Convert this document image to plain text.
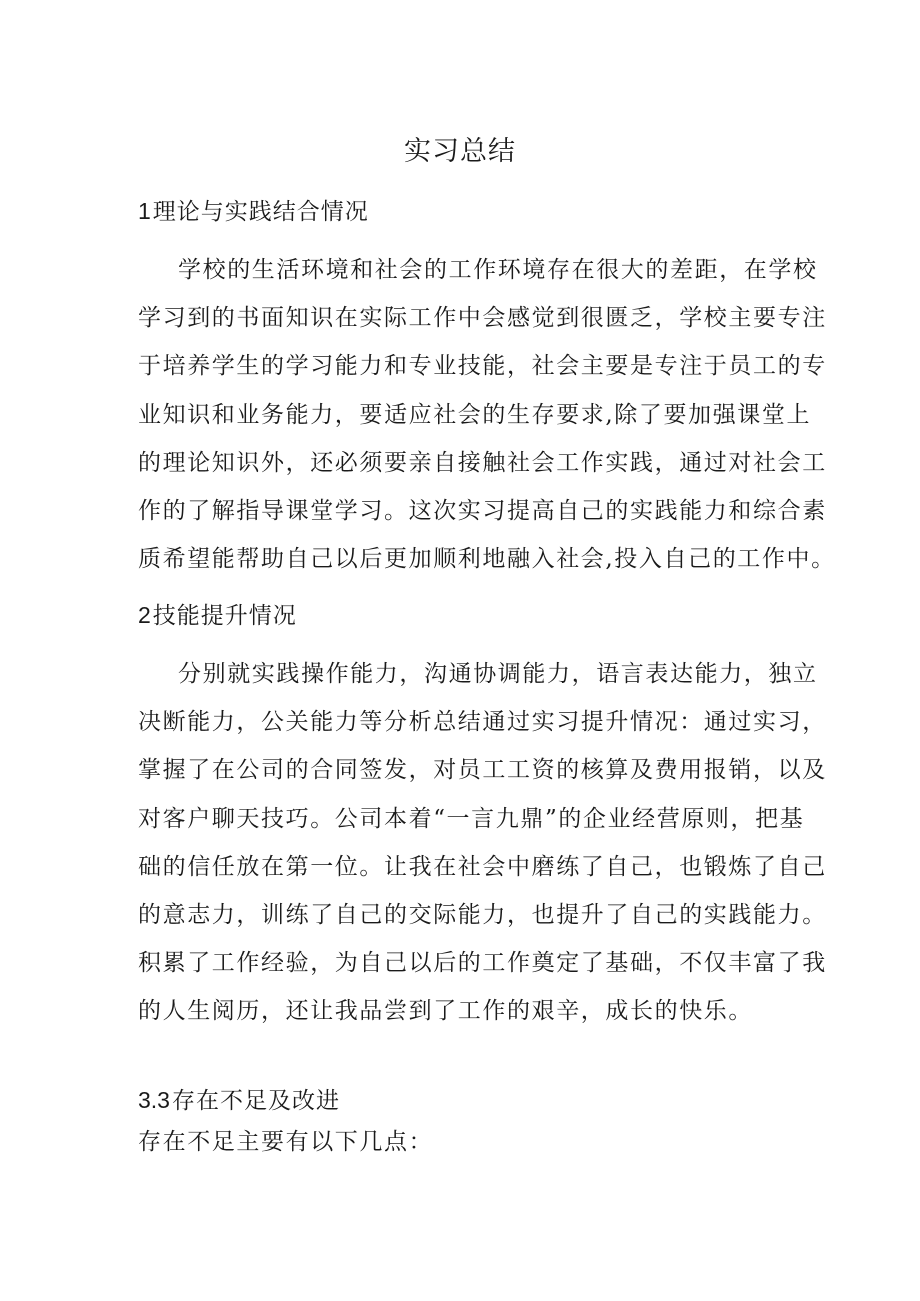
实习总结
1理论与实践结合情况

学校的生活环境和社会的工作环境存在很大的差距，在学校
学习到的书面知识在实际工作中会感觉到很匮乏，学校主要专注
于培养学生的学习能力和专业技能，社会主要是专注于员工的专
业知识和业务能力，要适应社会的生存要求,除了要加强课堂上
的理论知识外，还必须要亲自接触社会工作实践，通过对社会工
作的了解指导课堂学习。这次实习提高自己的实践能力和综合素
质希望能帮助自己以后更加顺利地融入社会,投入自己的工作中。

2技能提升情况

分别就实践操作能力，沟通协调能力，语言表达能力，独立
决断能力，公关能力等分析总结通过实习提升情况：通过实习，
掌握了在公司的合同签发，对员工工资的核算及费用报销，以及
对客户聊天技巧。公司本着“一言九鼎”的企业经营原则，把基
础的信任放在第一位。让我在社会中磨练了自己，也锻炼了自己
的意志力，训练了自己的交际能力，也提升了自己的实践能力。
积累了工作经验，为自己以后的工作奠定了基础，不仅丰富了我
的人生阅历，还让我品尝到了工作的艰辛，成长的快乐。

3.3存在不足及改进

存在不足主要有以下几点：
